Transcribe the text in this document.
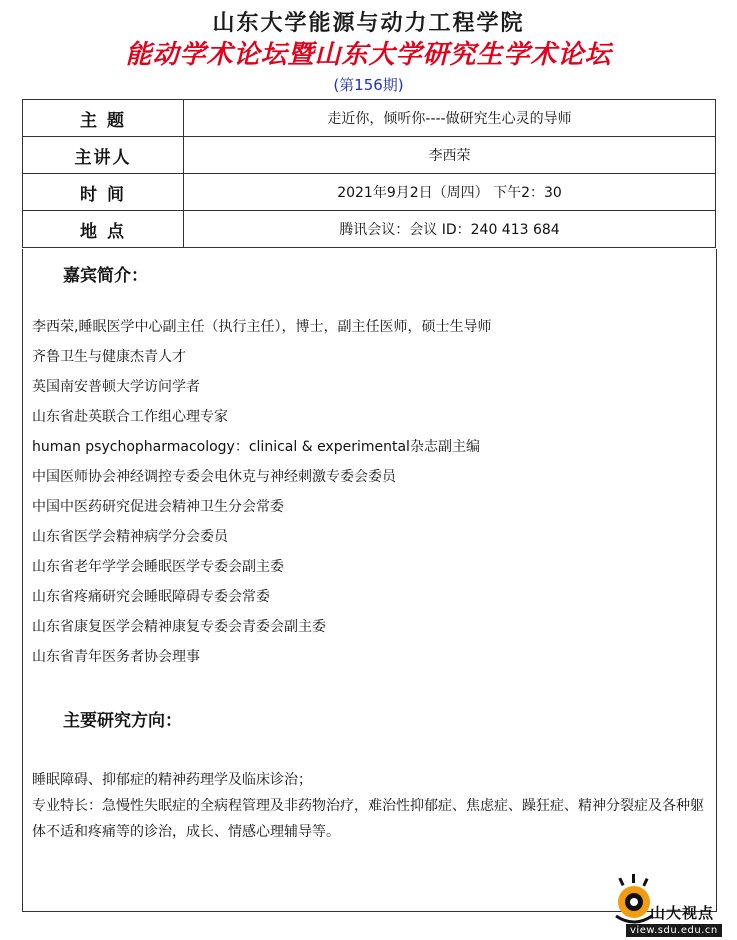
山东大学能源与动力工程学院
能动学术论坛暨山东大学研究生学术论坛
(第156期)
主 题	走近你，倾听你----做研究生心灵的导师
主讲人	李西荣
时 间	2021年9月2日（周四） 下午2：30
地 点	腾讯会议：会议 ID：240 413 684
嘉宾简介：
李西荣,睡眠医学中心副主任（执行主任），博士，副主任医师，硕士生导师
齐鲁卫生与健康杰青人才
英国南安普顿大学访问学者
山东省赴英联合工作组心理专家
human psychopharmacology：clinical & experimental杂志副主编
中国医师协会神经调控专委会电休克与神经刺激专委会委员
中国中医药研究促进会精神卫生分会常委
山东省医学会精神病学分会委员
山东省老年学学会睡眠医学专委会副主委
山东省疼痛研究会睡眠障碍专委会常委
山东省康复医学会精神康复专委会青委会副主委
山东省青年医务者协会理事
主要研究方向：

睡眠障碍、抑郁症的精神药理学及临床诊治；

专业特长：急慢性失眠症的全病程管理及非药物治疗，难治性抑郁症、焦虑症、躁狂症、精神分裂症及各种躯体不适和疼痛等的诊治，成长、情感心理辅导等。

山大视点
view.sdu.edu.cn
